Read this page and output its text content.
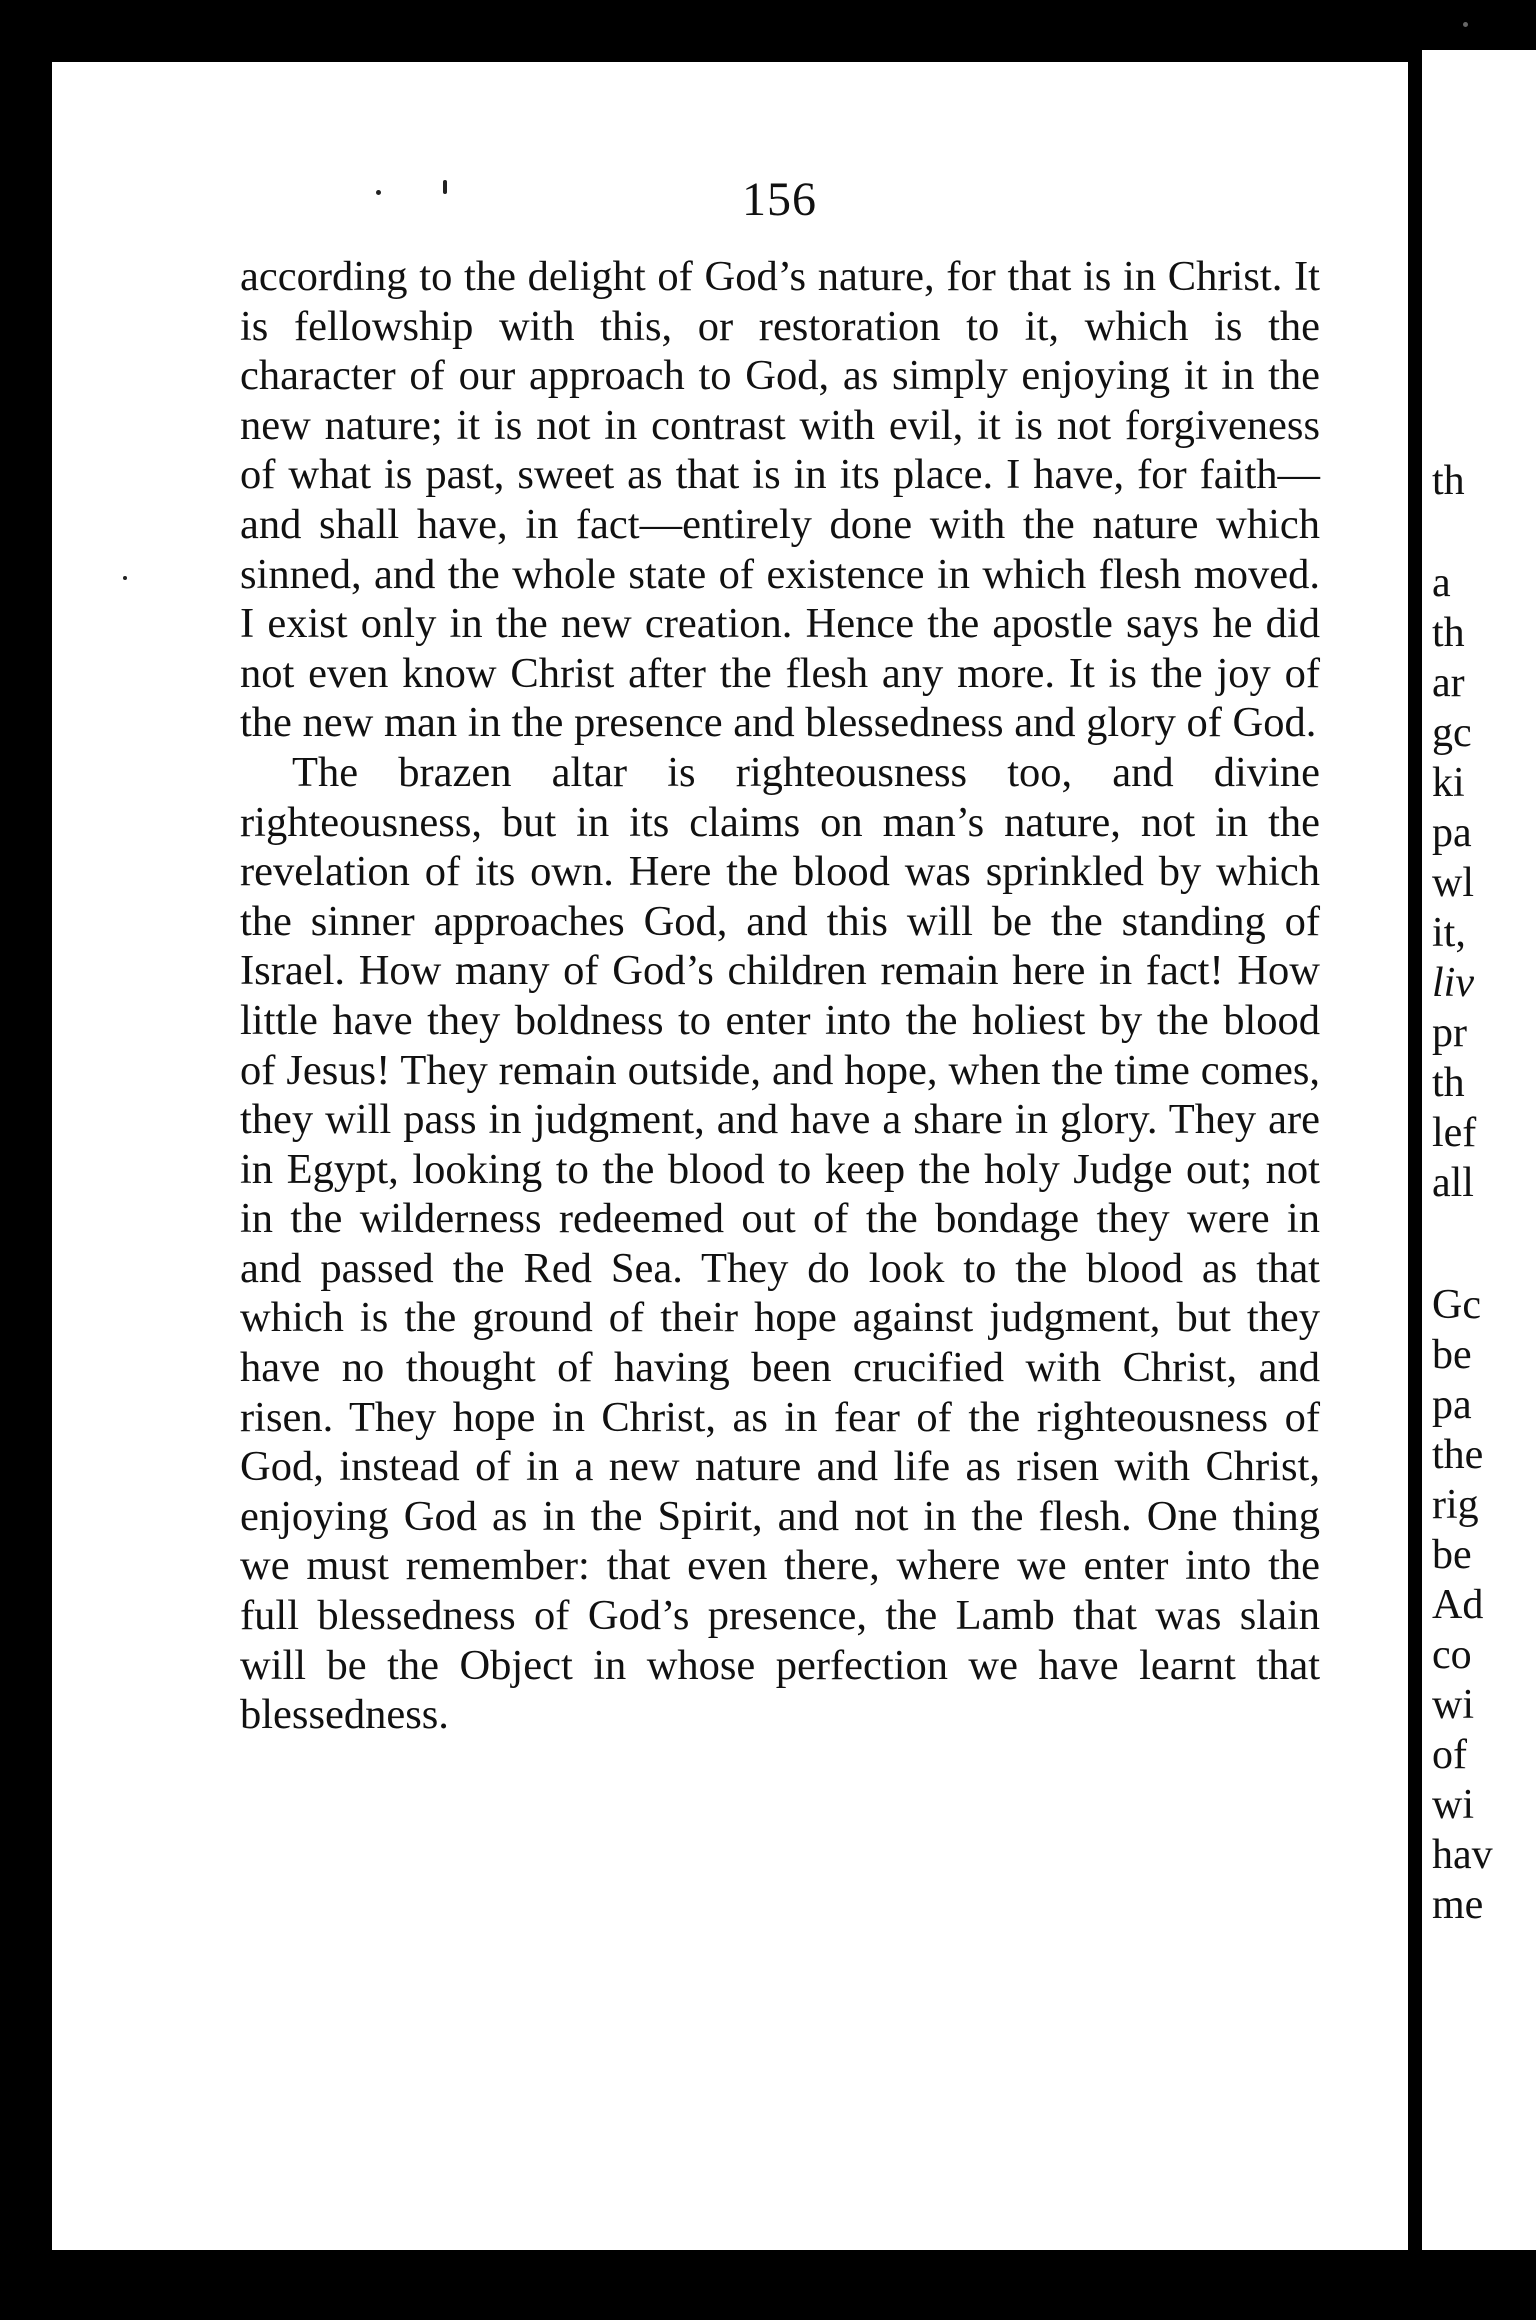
156

according to the delight of God’s nature, for that is in Christ. It is fellowship with this, or restoration to it, which is the character of our approach to God, as simply enjoying it in the new nature; it is not in contrast with evil, it is not forgiveness of what is past, sweet as that is in its place. I have, for faith—and shall have, in fact—entirely done with the nature which sinned, and the whole state of existence in which flesh moved. I exist only in the new creation. Hence the apostle says he did not even know Christ after the flesh any more. It is the joy of the new man in the presence and blessedness and glory of God.

The brazen altar is righteousness too, and divine righteousness, but in its claims on man’s nature, not in the revelation of its own. Here the blood was sprinkled by which the sinner approaches God, and this will be the standing of Israel. How many of God’s children remain here in fact! How little have they boldness to enter into the holiest by the blood of Jesus! They remain outside, and hope, when the time comes, they will pass in judgment, and have a share in glory. They are in Egypt, looking to the blood to keep the holy Judge out; not in the wilderness redeemed out of the bondage they were in and passed the Red Sea. They do look to the blood as that which is the ground of their hope against judgment, but they have no thought of having been crucified with Christ, and risen. They hope in Christ, as in fear of the righteousness of God, instead of in a new nature and life as risen with Christ, enjoying God as in the Spirit, and not in the flesh. One thing we must remember: that even there, where we enter into the full blessedness of God’s presence, the Lamb that was slain will be the Object in whose perfection we have learnt that blessedness.

th
a
th
ar
gc
ki
pa
wl
it,
liv
pr
th
lef
all
Gc
be
pa
the
rig
be
Ad
co
wi
of
wi
hav
me
